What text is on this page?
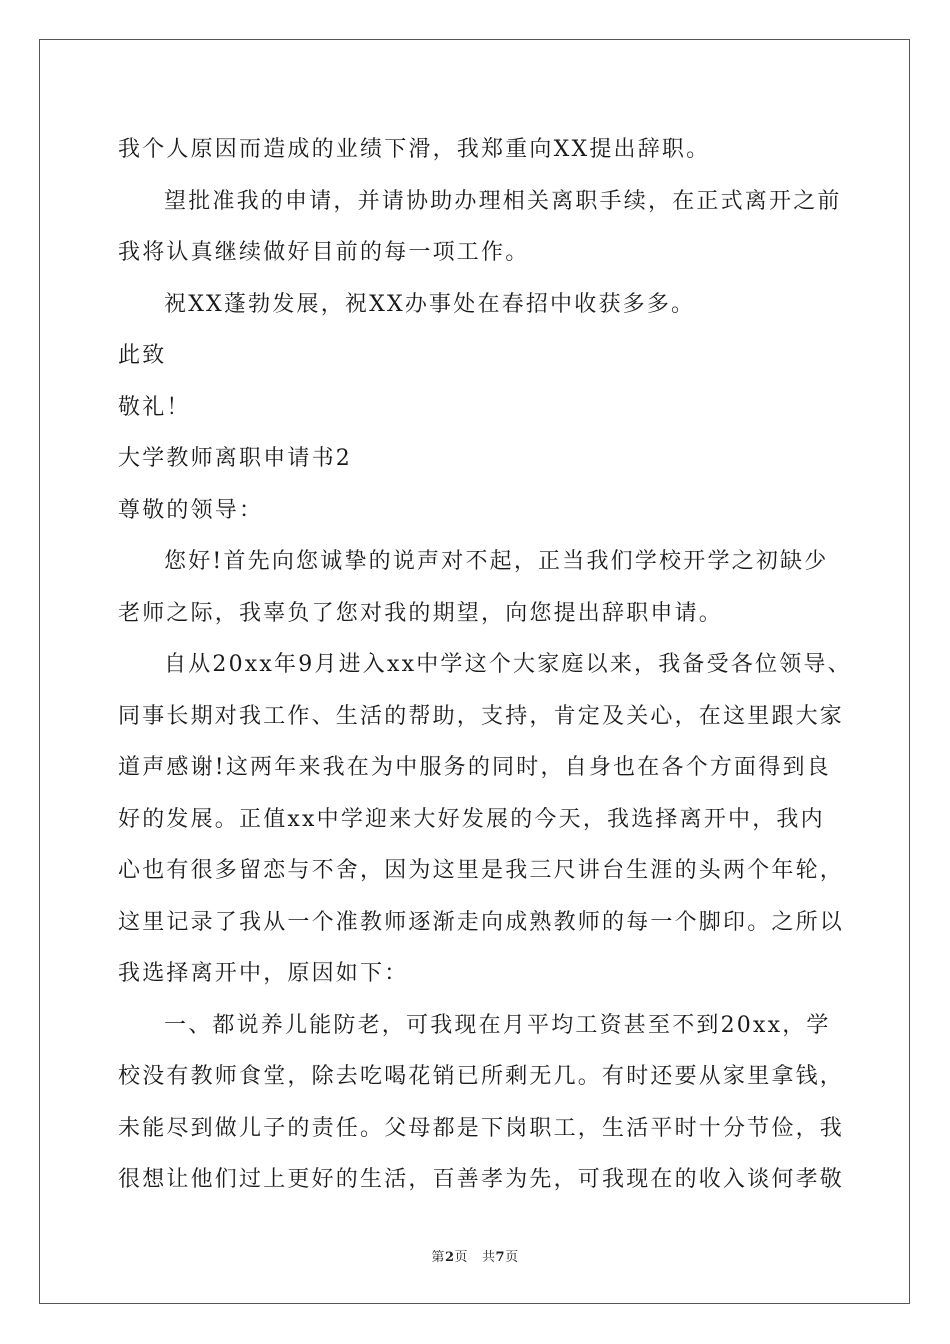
我个人原因而造成的业绩下滑，我郑重向XX提出辞职。
望批准我的申请，并请协助办理相关离职手续，在正式离开之前
我将认真继续做好目前的每一项工作。
祝XX蓬勃发展，祝XX办事处在春招中收获多多。
此致
敬礼！
大学教师离职申请书2
尊敬的领导：
您好!首先向您诚挚的说声对不起，正当我们学校开学之初缺少
老师之际，我辜负了您对我的期望，向您提出辞职申请。
自从20xx年9月进入xx中学这个大家庭以来，我备受各位领导、
同事长期对我工作、生活的帮助，支持，肯定及关心，在这里跟大家
道声感谢!这两年来我在为中服务的同时，自身也在各个方面得到良
好的发展。正值xx中学迎来大好发展的今天，我选择离开中，我内
心也有很多留恋与不舍，因为这里是我三尺讲台生涯的头两个年轮，
这里记录了我从一个准教师逐渐走向成熟教师的每一个脚印。之所以
我选择离开中，原因如下：
一、都说养儿能防老，可我现在月平均工资甚至不到20xx，学
校没有教师食堂，除去吃喝花销已所剩无几。有时还要从家里拿钱，
未能尽到做儿子的责任。父母都是下岗职工，生活平时十分节俭，我
很想让他们过上更好的生活，百善孝为先，可我现在的收入谈何孝敬
第2页 共7页
